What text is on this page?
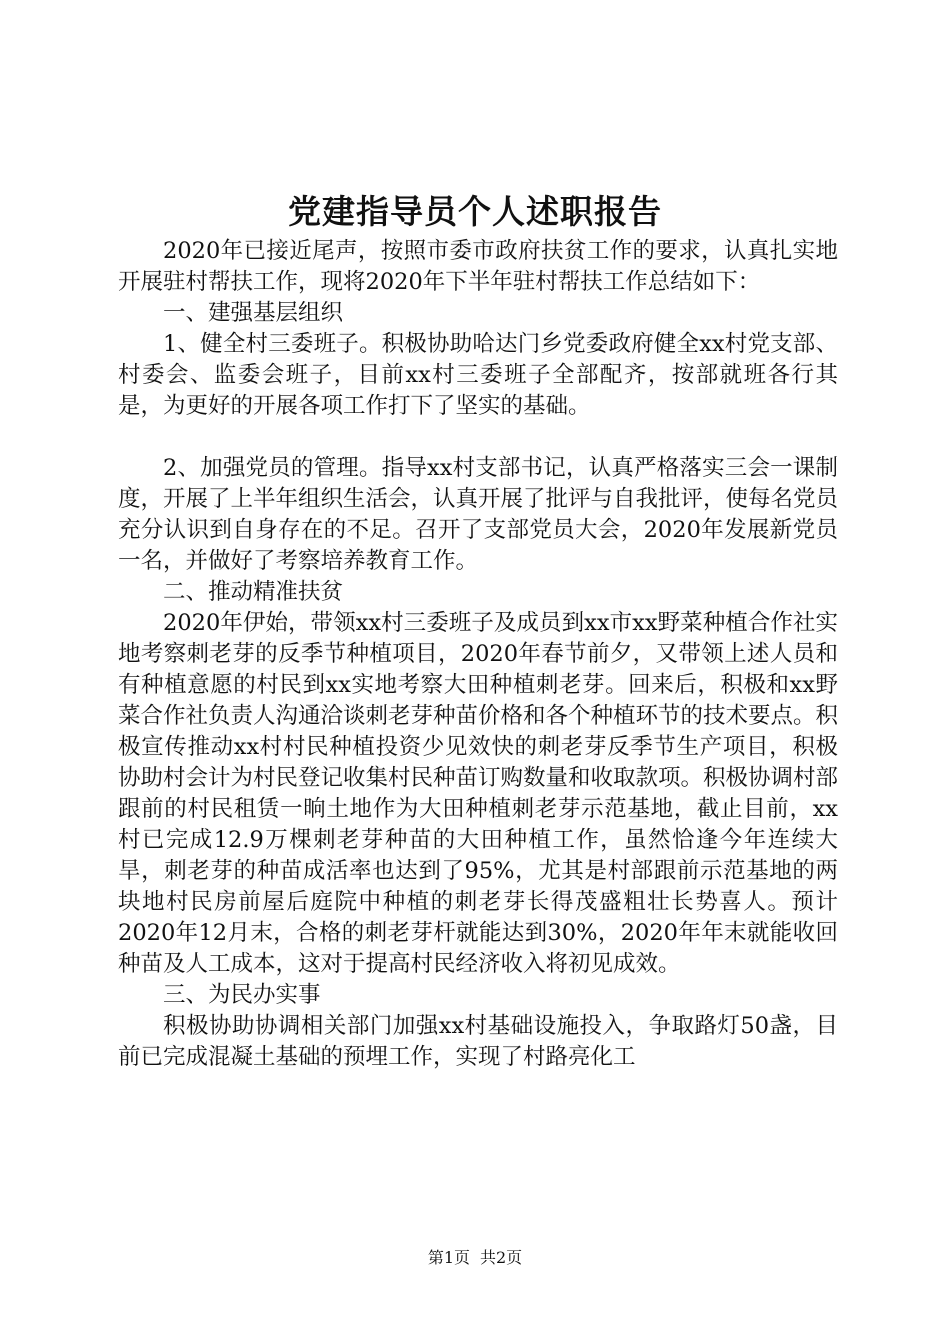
党建指导员个人述职报告

2020年已接近尾声，按照市委市政府扶贫工作的要求，认真扎实地开展驻村帮扶工作，现将2020年下半年驻村帮扶工作总结如下：

一、建强基层组织

1、健全村三委班子。积极协助哈达门乡党委政府健全xx村党支部、村委会、监委会班子，目前xx村三委班子全部配齐，按部就班各行其是，为更好的开展各项工作打下了坚实的基础。

2、加强党员的管理。指导xx村支部书记，认真严格落实三会一课制度，开展了上半年组织生活会，认真开展了批评与自我批评，使每名党员充分认识到自身存在的不足。召开了支部党员大会，2020年发展新党员一名，并做好了考察培养教育工作。

二、推动精准扶贫

2020年伊始，带领xx村三委班子及成员到xx市xx野菜种植合作社实地考察刺老芽的反季节种植项目，2020年春节前夕，又带领上述人员和有种植意愿的村民到xx实地考察大田种植刺老芽。回来后，积极和xx野菜合作社负责人沟通洽谈刺老芽种苗价格和各个种植环节的技术要点。积极宣传推动xx村村民种植投资少见效快的刺老芽反季节生产项目，积极协助村会计为村民登记收集村民种苗订购数量和收取款项。积极协调村部跟前的村民租赁一晌土地作为大田种植刺老芽示范基地，截止目前，xx村已完成12.9万棵刺老芽种苗的大田种植工作，虽然恰逢今年连续大旱，刺老芽的种苗成活率也达到了95%，尤其是村部跟前示范基地的两块地村民房前屋后庭院中种植的刺老芽长得茂盛粗壮长势喜人。预计2020年12月末，合格的刺老芽杆就能达到30%，2020年年末就能收回种苗及人工成本，这对于提高村民经济收入将初见成效。

三、为民办实事

积极协助协调相关部门加强xx村基础设施投入，争取路灯50盏，目前已完成混凝土基础的预埋工作，实现了村路亮化工

第1页 共2页
